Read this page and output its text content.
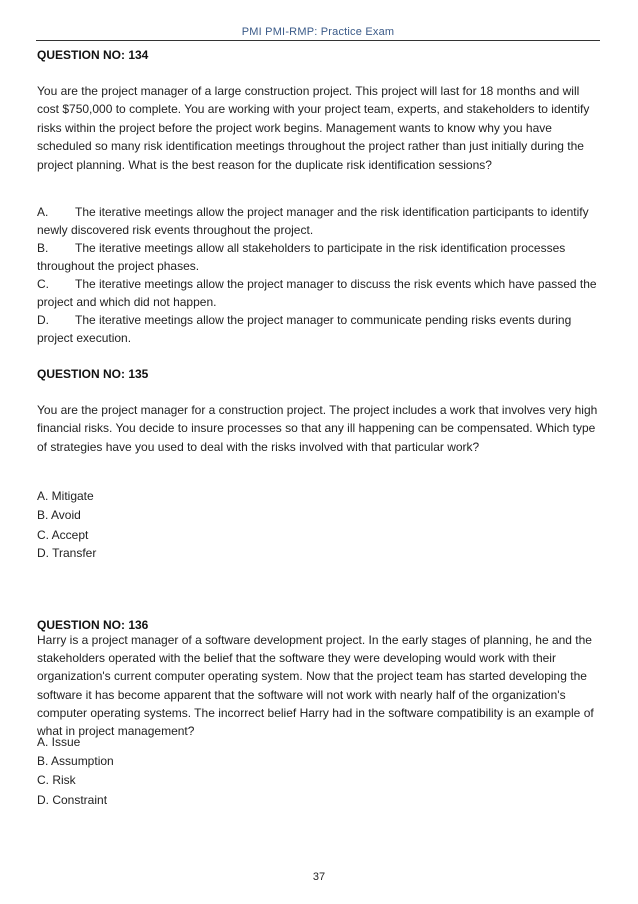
PMI PMI-RMP: Practice Exam
QUESTION NO: 134
You are the project manager of a large construction project. This project will last for 18 months and will cost $750,000 to complete. You are working with your project team, experts, and stakeholders to identify risks within the project before the project work begins. Management wants to know why you have scheduled so many risk identification meetings throughout the project rather than just initially during the project planning. What is the best reason for the duplicate risk identification sessions?
A. The iterative meetings allow the project manager and the risk identification participants to identify newly discovered risk events throughout the project.
B. The iterative meetings allow all stakeholders to participate in the risk identification processes throughout the project phases.
C. The iterative meetings allow the project manager to discuss the risk events which have passed the project and which did not happen.
D. The iterative meetings allow the project manager to communicate pending risks events during project execution.
QUESTION NO: 135
You are the project manager for a construction project. The project includes a work that involves very high financial risks. You decide to insure processes so that any ill happening can be compensated. Which type of strategies have you used to deal with the risks involved with that particular work?
A. Mitigate
B. Avoid
C. Accept
D. Transfer
QUESTION NO: 136
Harry is a project manager of a software development project. In the early stages of planning, he and the stakeholders operated with the belief that the software they were developing would work with their organization's current computer operating system. Now that the project team has started developing the software it has become apparent that the software will not work with nearly half of the organization's computer operating systems. The incorrect belief Harry had in the software compatibility is an example of what in project management?
A. Issue
B. Assumption
C. Risk
D. Constraint
37
